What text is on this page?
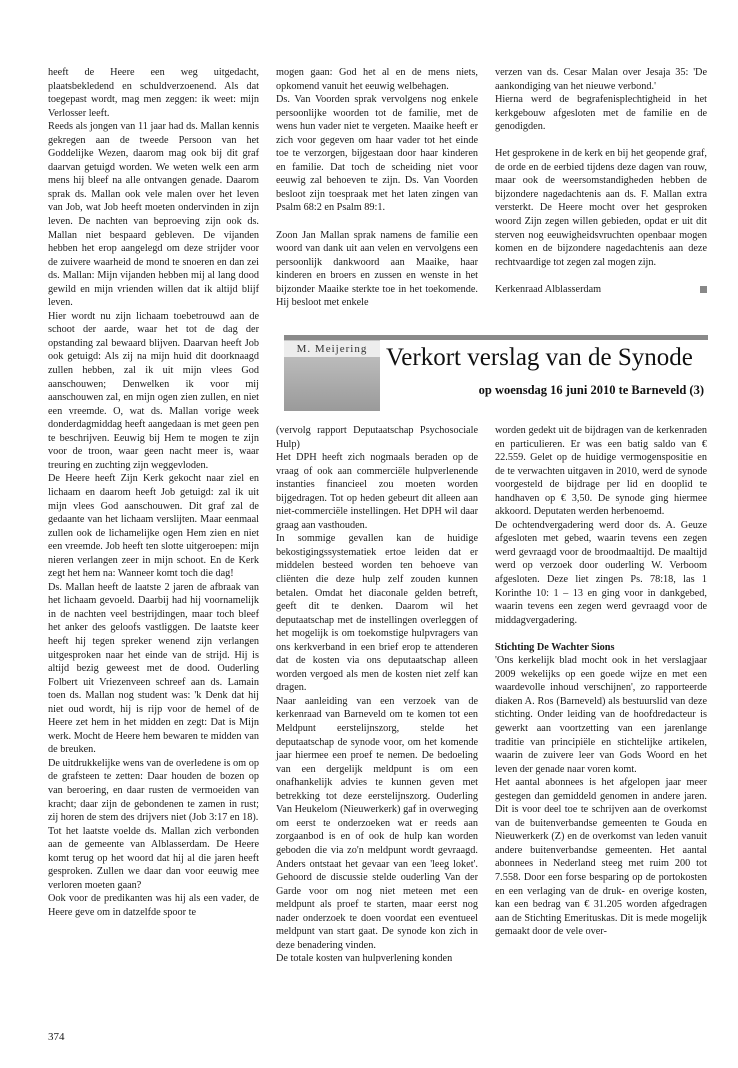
heeft de Heere een weg uitgedacht, plaatsbekledend en schuldverzoenend. Als dat toegepast wordt, mag men zeggen: ik weet: mijn Verlosser leeft.

Reeds als jongen van 11 jaar had ds. Mallan kennis gekregen aan de tweede Persoon van het Goddelijke Wezen, daarom mag ook bij dit graf daarvan getuigd worden. We weten welk een arm mens hij bleef na alle ontvangen genade. Daarom sprak ds. Mallan ook vele malen over het leven van Job, wat Job heeft moeten ondervinden in zijn leven. De nachten van beproeving zijn ook ds. Mallan niet bespaard gebleven. De vijanden hebben het erop aangelegd om deze strijder voor de zuivere waarheid de mond te snoeren en dan zei ds. Mallan: Mijn vijanden hebben mij al lang dood gewild en mijn vrienden willen dat ik altijd blijf leven.

Hier wordt nu zijn lichaam toebetrouwd aan de schoot der aarde, waar het tot de dag der opstanding zal bewaard blijven. Daarvan heeft Job ook getuigd: Als zij na mijn huid dit doorknaagd zullen hebben, zal ik uit mijn vlees God aanschouwen; Denwelken ik voor mij aanschouwen zal, en mijn ogen zien zullen, en niet een vreemde. O, wat ds. Mallan vorige week donderdagmiddag heeft aangedaan is met geen pen te beschrijven. Eeuwig bij Hem te mogen te zijn voor de troon, waar geen nacht meer is, waar treuring en zuchting zijn weggevloden.

De Heere heeft Zijn Kerk gekocht naar ziel en lichaam en daarom heeft Job getuigd: zal ik uit mijn vlees God aanschouwen. Dit graf zal de gedaante van het lichaam verslijten. Maar eenmaal zullen ook de lichamelijke ogen Hem zien en niet een vreemde. Job heeft ten slotte uitgeroepen: mijn nieren verlangen zeer in mijn schoot. En de Kerk zegt het hem na: Wanneer komt toch die dag!

Ds. Mallan heeft de laatste 2 jaren de afbraak van het lichaam gevoeld. Daarbij had hij voornamelijk in de nachten veel bestrijdingen, maar toch bleef het anker des geloofs vastliggen. De laatste keer heeft hij tegen spreker wenend zijn verlangen uitgesproken naar het einde van de strijd. Hij is altijd bezig geweest met de dood. Ouderling Folbert uit Vriezenveen schreef aan ds. Lamain toen ds. Mallan nog student was: 'k Denk dat hij niet oud wordt, hij is rijp voor de hemel of de Heere zet hem in het midden en zegt: Dat is Mijn werk. Mocht de Heere hem bewaren te midden van de breuken.

De uitdrukkelijke wens van de overledene is om op de grafsteen te zetten: Daar houden de bozen op van beroering, en daar rusten de vermoeiden van kracht; daar zijn de gebondenen te zamen in rust; zij horen de stem des drijvers niet (Job 3:17 en 18).

Tot het laatste voelde ds. Mallan zich verbonden aan de gemeente van Alblasserdam. De Heere komt terug op het woord dat hij al die jaren heeft gesproken. Zullen we daar dan voor eeuwig mee verloren moeten gaan?

Ook voor de predikanten was hij als een vader, de Heere geve om in datzelfde spoor te

mogen gaan: God het al en de mens niets, opkomend vanuit het eeuwig welbehagen.

Ds. Van Voorden sprak vervolgens nog enkele persoonlijke woorden tot de familie, met de wens hun vader niet te vergeten. Maaike heeft er zich voor gegeven om haar vader tot het einde toe te verzorgen, bijgestaan door haar kinderen en familie. Dat toch de scheiding niet voor eeuwig zal behoeven te zijn. Ds. Van Voorden besloot zijn toespraak met het laten zingen van Psalm 68:2 en Psalm 89:1.

Zoon Jan Mallan sprak namens de familie een woord van dank uit aan velen en vervolgens een persoonlijk dankwoord aan Maaike, haar kinderen en broers en zussen en wenste in het bijzonder Maaike sterkte toe in het toekomende. Hij besloot met enkele

verzen van ds. Cesar Malan over Jesaja 35: 'De aankondiging van het nieuwe verbond.'

Hierna werd de begrafenisplechtigheid in het kerkgebouw afgesloten met de familie en de genodigden.

Het gesprokene in de kerk en bij het geopende graf, de orde en de eerbied tijdens deze dagen van rouw, maar ook de weersomstandigheden hebben de bijzondere nagedachtenis aan ds. F. Mallan extra versterkt. De Heere mocht over het gesproken woord Zijn zegen willen gebieden, opdat er uit dit sterven nog eeuwigheidsvruchten openbaar mogen komen en de bijzondere nagedachtenis aan deze rechtvaardige tot zegen zal mogen zijn.

Kerkenraad Alblasserdam

M. Meijering Verkort verslag van de Synode
op woensdag 16 juni 2010 te Barneveld (3)

(vervolg rapport Deputaatschap Psychosociale Hulp)

Het DPH heeft zich nogmaals beraden op de vraag of ook aan commerciële hulpverlenende instanties financieel zou moeten worden bijgedragen. Tot op heden gebeurt dit alleen aan niet-commerciële instellingen. Het DPH wil daar graag aan vasthouden.

In sommige gevallen kan de huidige bekostigingssystematiek ertoe leiden dat er middelen besteed worden ten behoeve van cliënten die deze hulp zelf zouden kunnen betalen. Omdat het diaconale gelden betreft, geeft dit te denken. Daarom wil het deputaatschap met de instellingen overleggen of het mogelijk is om toekomstige hulpvragers van ons kerkverband in een brief erop te attenderen dat de kosten via ons deputaatschap alleen worden vergoed als men de kosten niet zelf kan dragen.

Naar aanleiding van een verzoek van de kerkenraad van Barneveld om te komen tot een Meldpunt eerstelijnszorg, stelde het deputaatschap de synode voor, om het komende jaar hiermee een proef te nemen. De bedoeling van een dergelijk meldpunt is om een onafhankelijk advies te kunnen geven met betrekking tot deze eerstelijnszorg. Ouderling Van Heukelom (Nieuwerkerk) gaf in overweging om eerst te onderzoeken wat er reeds aan zorgaanbod is en of ook de hulp kan worden geboden die via zo'n meldpunt wordt gevraagd. Anders ontstaat het gevaar van een 'leeg loket'. Gehoord de discussie stelde ouderling Van der Garde voor om nog niet meteen met een meldpunt als proef te starten, maar eerst nog nader onderzoek te doen voordat een eventueel meldpunt van start gaat. De synode kon zich in deze benadering vinden.

De totale kosten van hulpverlening konden

worden gedekt uit de bijdragen van de kerkenraden en particulieren. Er was een batig saldo van € 22.559. Gelet op de huidige vermogenspositie en de te verwachten uitgaven in 2010, werd de synode voorgesteld de bijdrage per lid en dooplid te handhaven op € 3,50. De synode ging hiermee akkoord. Deputaten werden herbenoemd.

De ochtendvergadering werd door ds. A. Geuze afgesloten met gebed, waarin tevens een zegen werd gevraagd voor de broodmaaltijd. De maaltijd werd op verzoek door ouderling W. Verboom afgesloten. Deze liet zingen Ps. 78:18, las 1 Korinthe 10: 1 – 13 en ging voor in dankgebed, waarin tevens een zegen werd gevraagd voor de middagvergadering.

Stichting De Wachter Sions

'Ons kerkelijk blad mocht ook in het verslagjaar 2009 wekelijks op een goede wijze en met een waardevolle inhoud verschijnen', zo rapporteerde diaken A. Ros (Barneveld) als bestuurslid van deze stichting. Onder leiding van de hoofdredacteur is gewerkt aan voortzetting van een jarenlange traditie van principiële en stichtelijke artikelen, waarin de zuivere leer van Gods Woord en het leven der genade naar voren komt.

Het aantal abonnees is het afgelopen jaar meer gestegen dan gemiddeld genomen in andere jaren. Dit is voor deel toe te schrijven aan de overkomst van de buitenverbandse gemeenten te Gouda en Nieuwerkerk (Z) en de overkomst van leden vanuit andere buitenverbandse gemeenten. Het aantal abonnees in Nederland steeg met ruim 200 tot 7.558. Door een forse besparing op de portokosten en een verlaging van de druk- en overige kosten, kan een bedrag van € 31.205 worden afgedragen aan de Stichting Emerituskas. Dit is mede mogelijk gemaakt door de vele over-

374
